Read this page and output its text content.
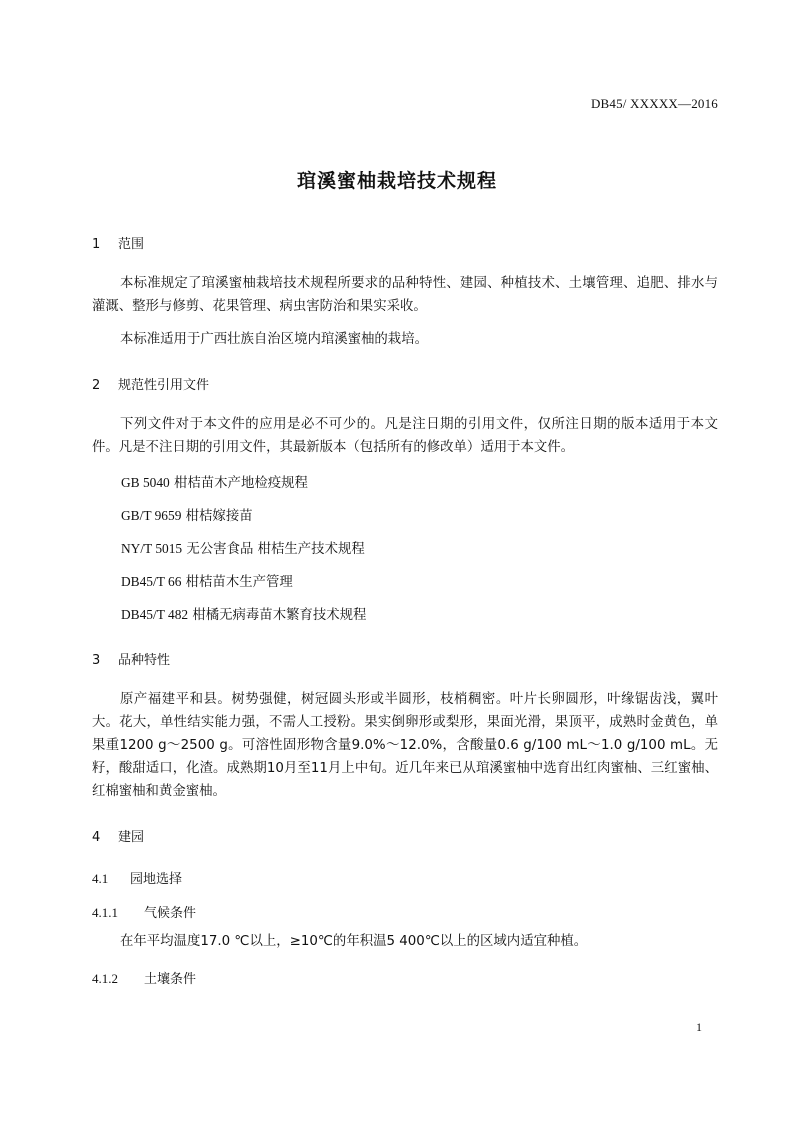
DB45/ XXXXX—2016
琯溪蜜柚栽培技术规程
1 范围
本标准规定了琯溪蜜柚栽培技术规程所要求的品种特性、建园、种植技术、土壤管理、追肥、排水与灌溉、整形与修剪、花果管理、病虫害防治和果实采收。
本标准适用于广西壮族自治区境内琯溪蜜柚的栽培。
2 规范性引用文件
下列文件对于本文件的应用是必不可少的。凡是注日期的引用文件，仅所注日期的版本适用于本文件。凡是不注日期的引用文件，其最新版本（包括所有的修改单）适用于本文件。
GB 5040 柑桔苗木产地检疫规程
GB/T 9659 柑桔嫁接苗
NY/T 5015 无公害食品 柑桔生产技术规程
DB45/T 66 柑桔苗木生产管理
DB45/T 482 柑橘无病毒苗木繁育技术规程
3 品种特性
原产福建平和县。树势强健，树冠圆头形或半圆形，枝梢稠密。叶片长卵圆形，叶缘锯齿浅，翼叶大。花大，单性结实能力强，不需人工授粉。果实倒卵形或梨形，果面光滑，果顶平，成熟时金黄色，单果重1200 g～2500 g。可溶性固形物含量9.0%～12.0%，含酸量0.6 g/100 mL～1.0 g/100 mL。无籽，酸甜适口，化渣。成熟期10月至11月上中旬。近几年来已从琯溪蜜柚中选育出红肉蜜柚、三红蜜柚、红棉蜜柚和黄金蜜柚。
4 建园
4.1 园地选择
4.1.1 气候条件
在年平均温度17.0 ℃以上，≥10℃的年积温5 400℃以上的区域内适宜种植。
4.1.2 土壤条件
1
